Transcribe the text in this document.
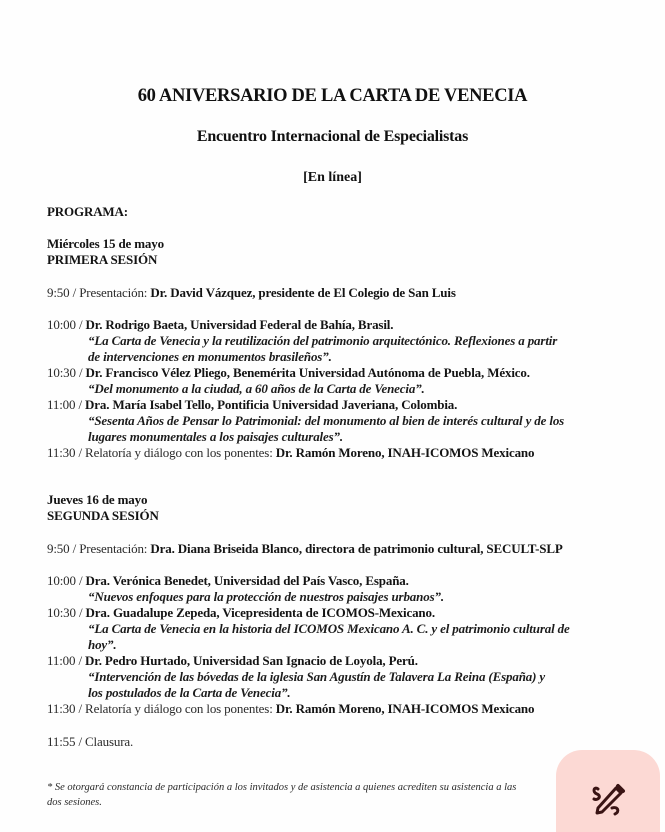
60 ANIVERSARIO DE LA CARTA DE VENECIA
Encuentro Internacional de Especialistas
[En línea]
PROGRAMA:
Miércoles 15 de mayo
PRIMERA SESIÓN
9:50 / Presentación: Dr. David Vázquez, presidente de El Colegio de San Luis
10:00 / Dr. Rodrigo Baeta, Universidad Federal de Bahía, Brasil.
“La Carta de Venecia y la reutilización del patrimonio arquitectónico. Reflexiones a partir
de intervenciones en monumentos brasileños”.
10:30 / Dr. Francisco Vélez Pliego, Benemérita Universidad Autónoma de Puebla, México.
“Del monumento a la ciudad, a 60 años de la Carta de Venecia”.
11:00 / Dra. María Isabel Tello, Pontificia Universidad Javeriana, Colombia.
“Sesenta Años de Pensar lo Patrimonial: del monumento al bien de interés cultural y de los
lugares monumentales a los paisajes culturales”.
11:30 / Relatoría y diálogo con los ponentes: Dr. Ramón Moreno, INAH-ICOMOS Mexicano
Jueves 16 de mayo
SEGUNDA SESIÓN
9:50 / Presentación: Dra. Diana Briseida Blanco, directora de patrimonio cultural, SECULT-SLP
10:00 / Dra. Verónica Benedet, Universidad del País Vasco, España.
“Nuevos enfoques para la protección de nuestros paisajes urbanos”.
10:30 / Dra. Guadalupe Zepeda, Vicepresidenta de ICOMOS-Mexicano.
“La Carta de Venecia en la historia del ICOMOS Mexicano A. C. y el patrimonio cultural de
hoy”.
11:00 / Dr. Pedro Hurtado, Universidad San Ignacio de Loyola, Perú.
“Intervención de las bóvedas de la iglesia San Agustín de Talavera La Reina (España) y
los postulados de la Carta de Venecia”.
11:30 / Relatoría y diálogo con los ponentes: Dr. Ramón Moreno, INAH-ICOMOS Mexicano
11:55 / Clausura.
* Se otorgará constancia de participación a los invitados y de asistencia a quienes acrediten su asistencia a las
dos sesiones.
